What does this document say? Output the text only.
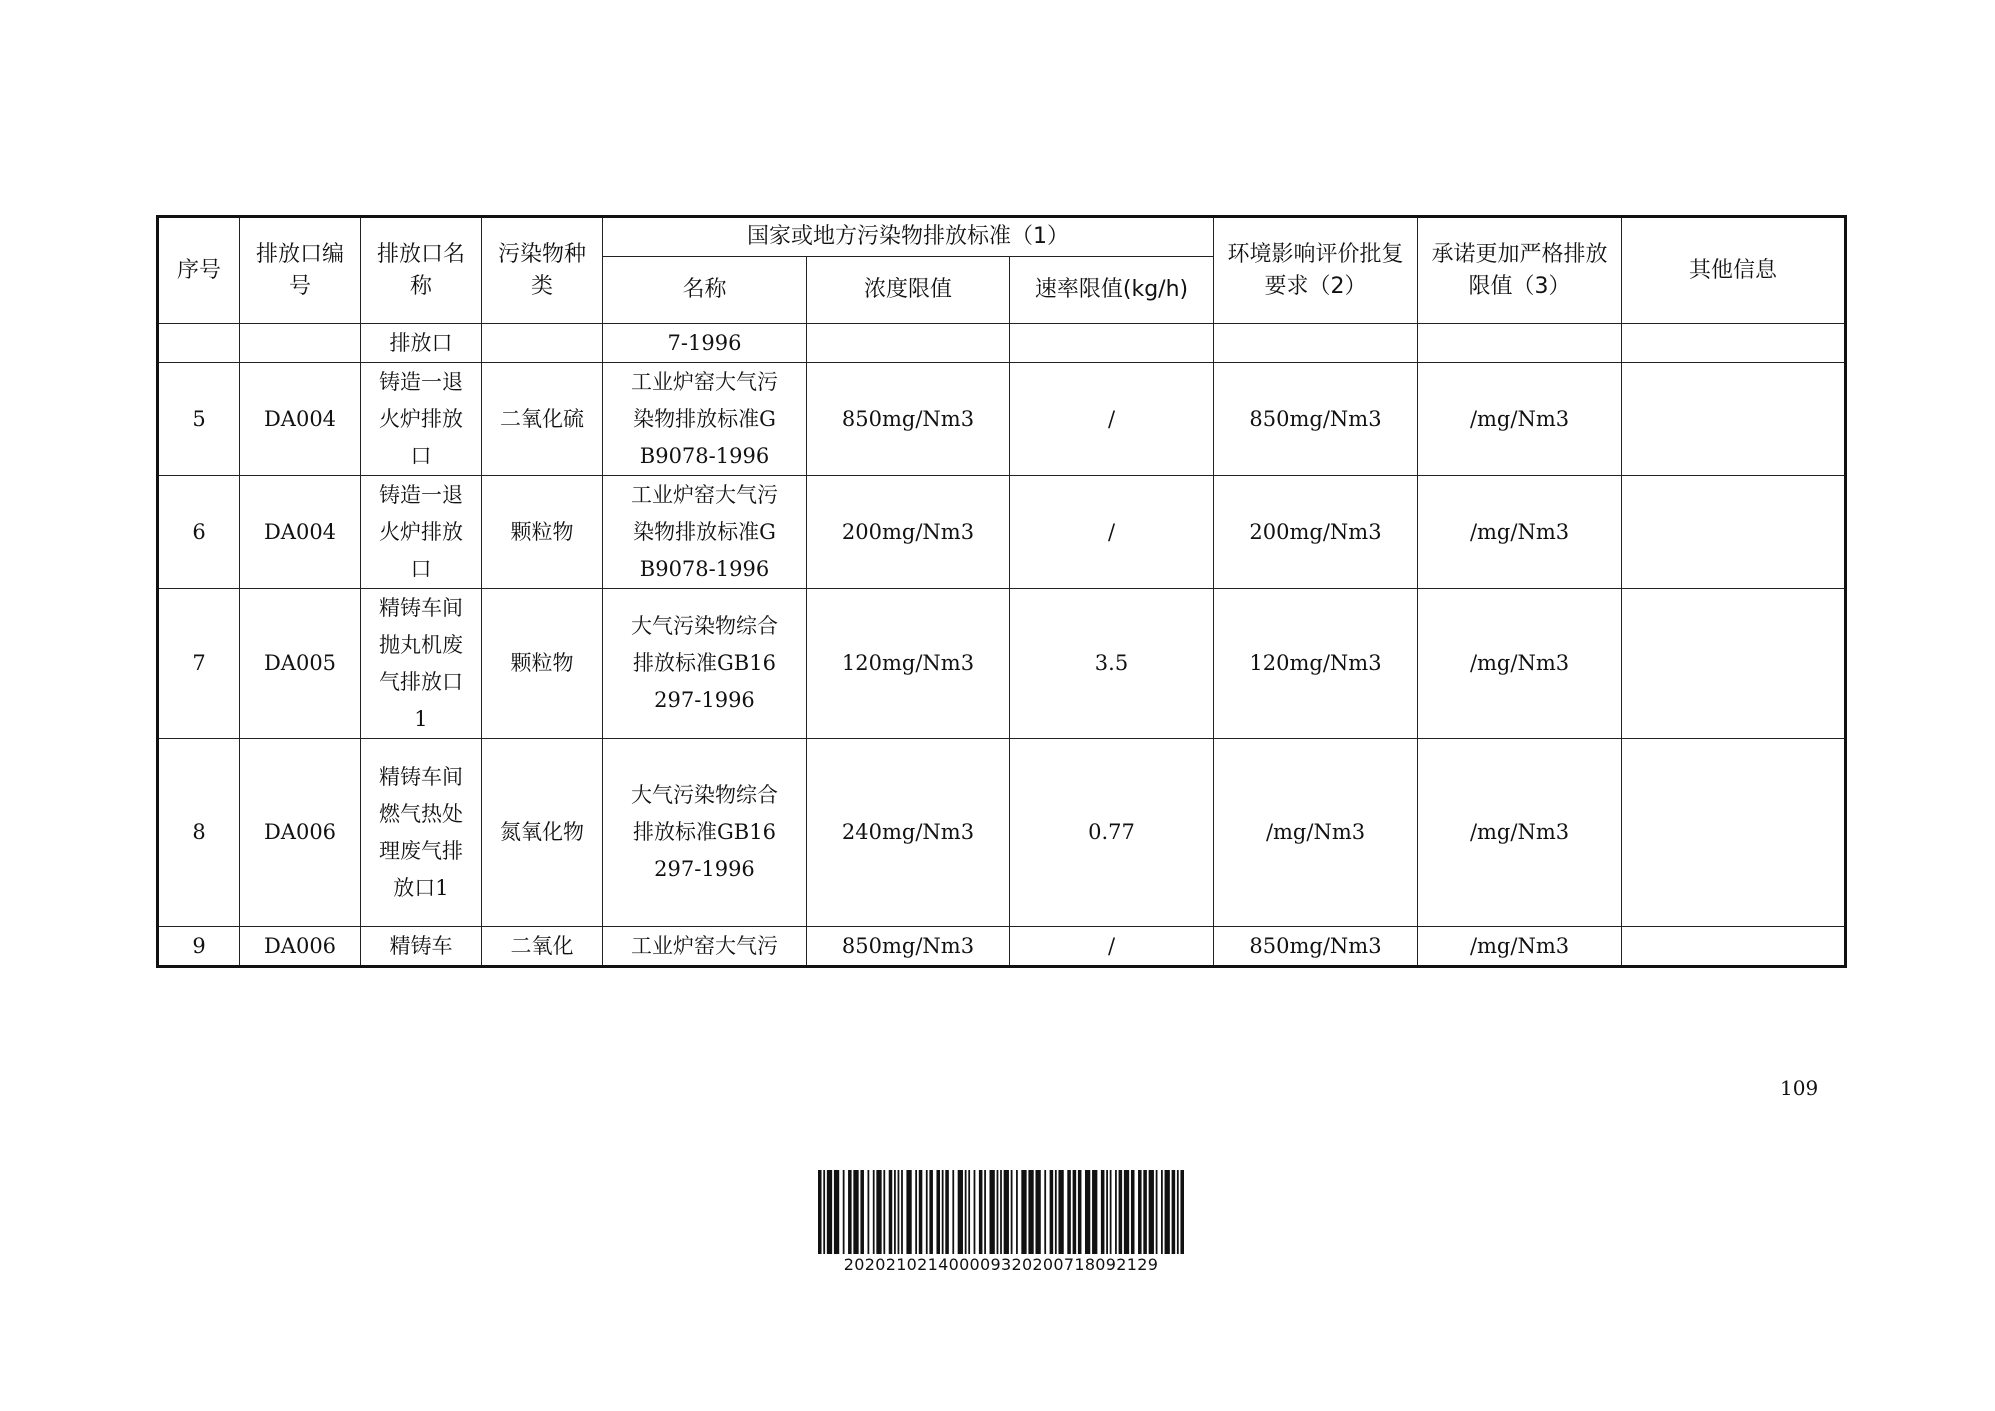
序号	排放口编号	排放口名称	污染物种类	国家或地方污染物排放标准（1）			环境影响评价批复要求（2）	承诺更加严格排放限值（3）	其他信息

				名称	浓度限值	速率限值(kg/h)			

		排放口		7-1996					

5	DA004	铸造一退火炉排放口	二氧化硫	工业炉窑大气污染物排放标准GB9078-1996	850mg/Nm3	/	850mg/Nm3	/mg/Nm3	
6	DA004	铸造一退火炉排放口	颗粒物	工业炉窑大气污染物排放标准GB9078-1996	200mg/Nm3	/	200mg/Nm3	/mg/Nm3	
7	DA005	精铸车间抛丸机废气排放口1	颗粒物	大气污染物综合排放标准GB16297-1996	120mg/Nm3	3.5	120mg/Nm3	/mg/Nm3	
8	DA006	精铸车间燃气热处理废气排放口1	氮氧化物	大气污染物综合排放标准GB16297-1996	240mg/Nm3	0.77	/mg/Nm3	/mg/Nm3	
9	DA006	精铸车	二氧化	工业炉窑大气污	850mg/Nm3	/	850mg/Nm3	/mg/Nm3	
109
202021021400009320200718092129
